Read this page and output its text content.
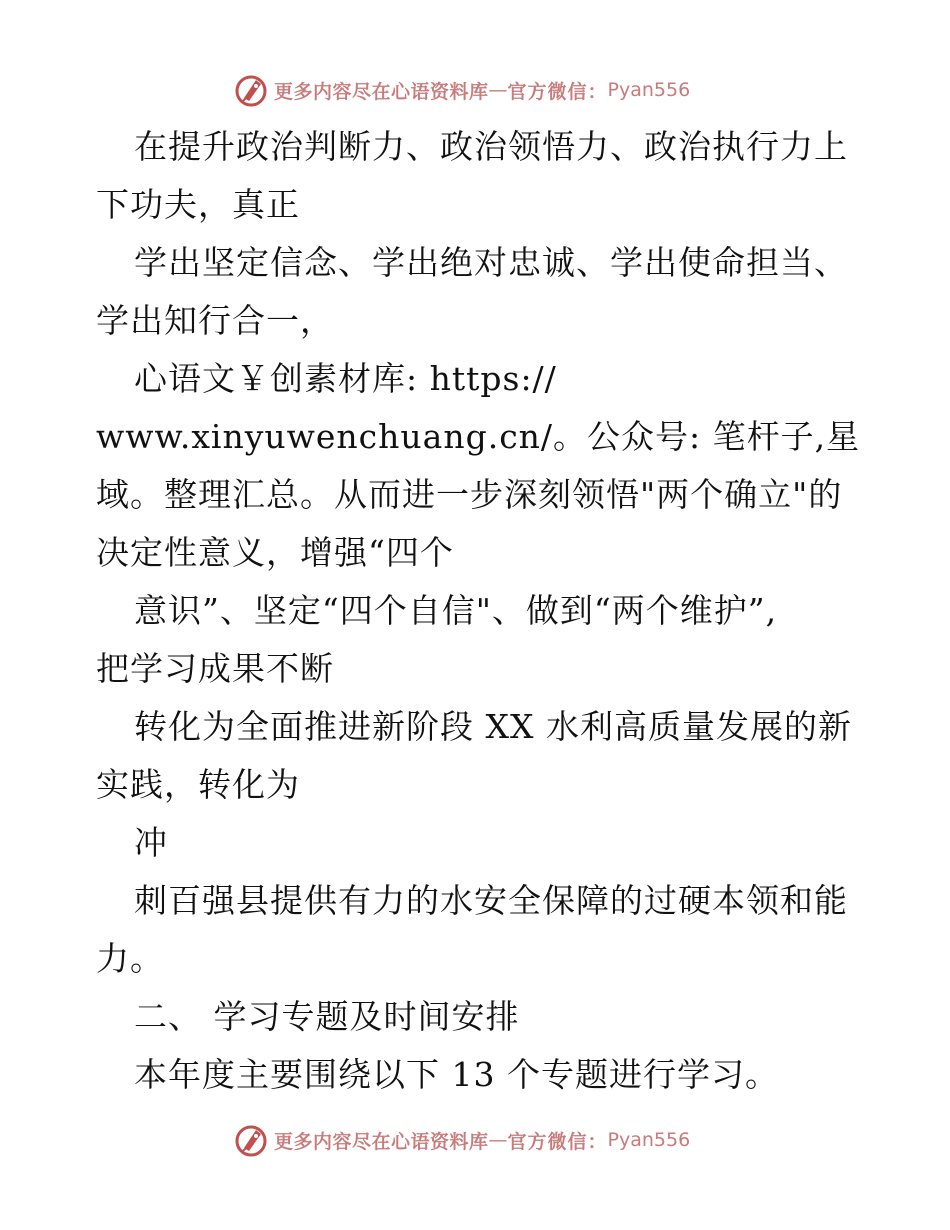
更多内容尽在心语资料库 — 官方微信： Pyan556
在提升政治判断力、政治领悟力、政治执行力上
下功夫，真正
学出坚定信念、学出绝对忠诚、学出使命担当、
学出知行合一，
心语文￥创素材库: https://
www.xinyuwenchuang.cn/。公众号: 笔杆子,星
域。整理汇总。从而进一步深刻领悟"两个确立"的
决定性意义，增强“四个
意识”、坚定“四个自信"、做到“两个维护”,
把学习成果不断
转化为全面推进新阶段 XX 水利高质量发展的新
实践，转化为
冲
刺百强县提供有力的水安全保障的过硬本领和能
力。
二、 学习专题及时间安排
本年度主要围绕以下 13 个专题进行学习。
更多内容尽在心语资料库 — 官方微信： Pyan556
